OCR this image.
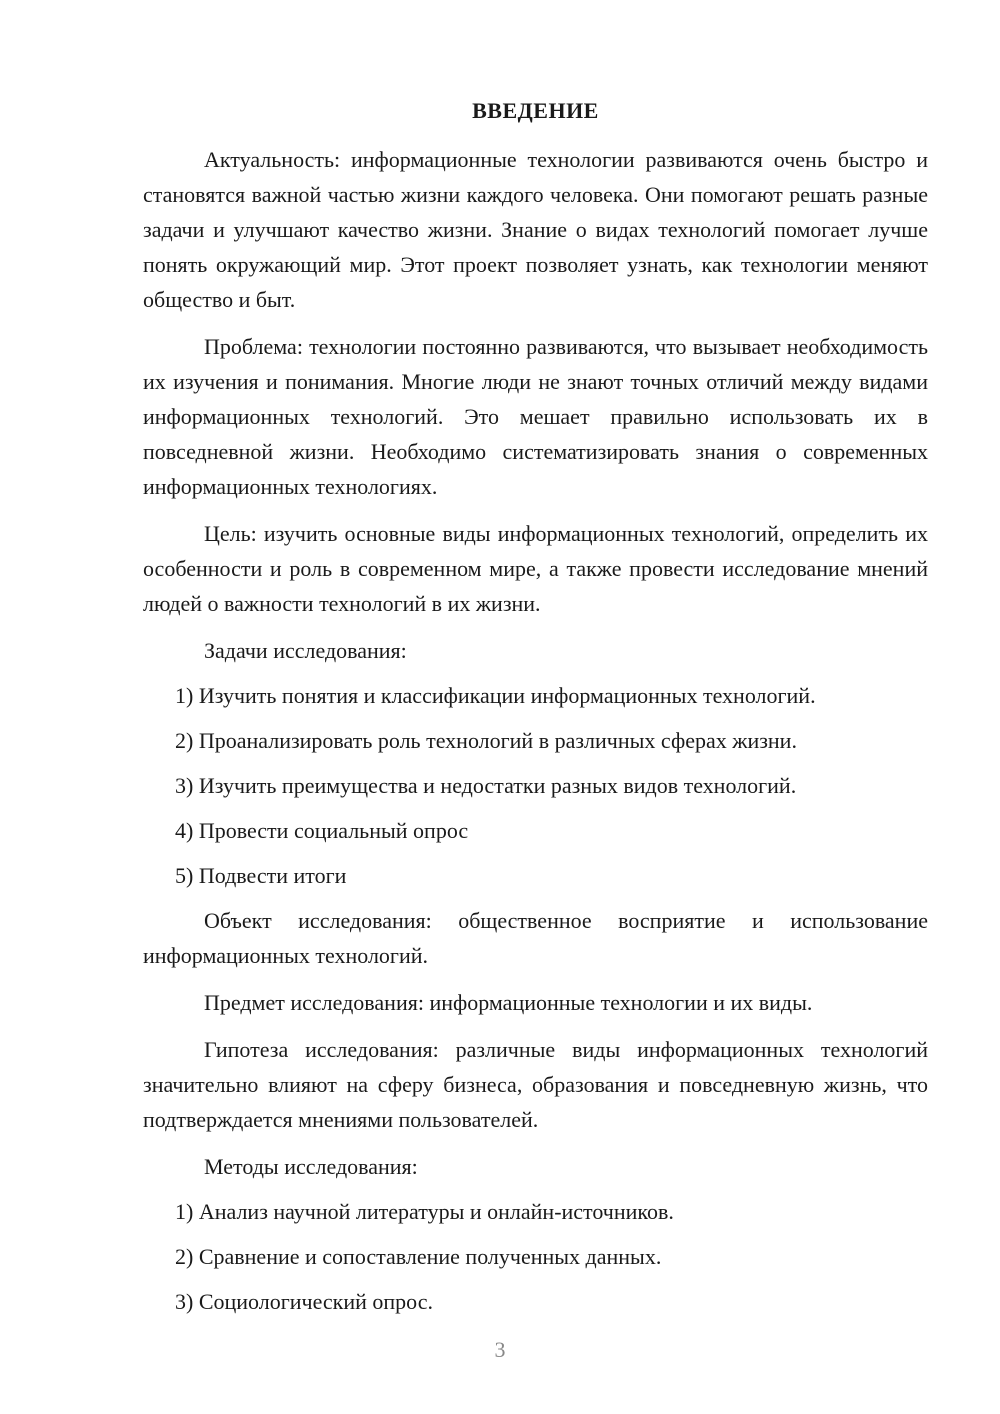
ВВЕДЕНИЕ

Актуальность: информационные технологии развиваются очень быстро и становятся важной частью жизни каждого человека. Они помогают решать разные задачи и улучшают качество жизни. Знание о видах технологий помогает лучше понять окружающий мир. Этот проект позволяет узнать, как технологии меняют общество и быт.

Проблема: технологии постоянно развиваются, что вызывает необходимость их изучения и понимания. Многие люди не знают точных отличий между видами информационных технологий. Это мешает правильно использовать их в повседневной жизни. Необходимо систематизировать знания о современных информационных технологиях.

Цель: изучить основные виды информационных технологий, определить их особенности и роль в современном мире, а также провести исследование мнений людей о важности технологий в их жизни.

Задачи исследования:
1) Изучить понятия и классификации информационных технологий.
2) Проанализировать роль технологий в различных сферах жизни.
3) Изучить преимущества и недостатки разных видов технологий.
4) Провести социальный опрос
5) Подвести итоги

Объект исследования: общественное восприятие и использование информационных технологий.

Предмет исследования: информационные технологии и их виды.

Гипотеза исследования: различные виды информационных технологий значительно влияют на сферу бизнеса, образования и повседневную жизнь, что подтверждается мнениями пользователей.

Методы исследования:
1) Анализ научной литературы и онлайн-источников.
2) Сравнение и сопоставление полученных данных.
3) Социологический опрос.
3
